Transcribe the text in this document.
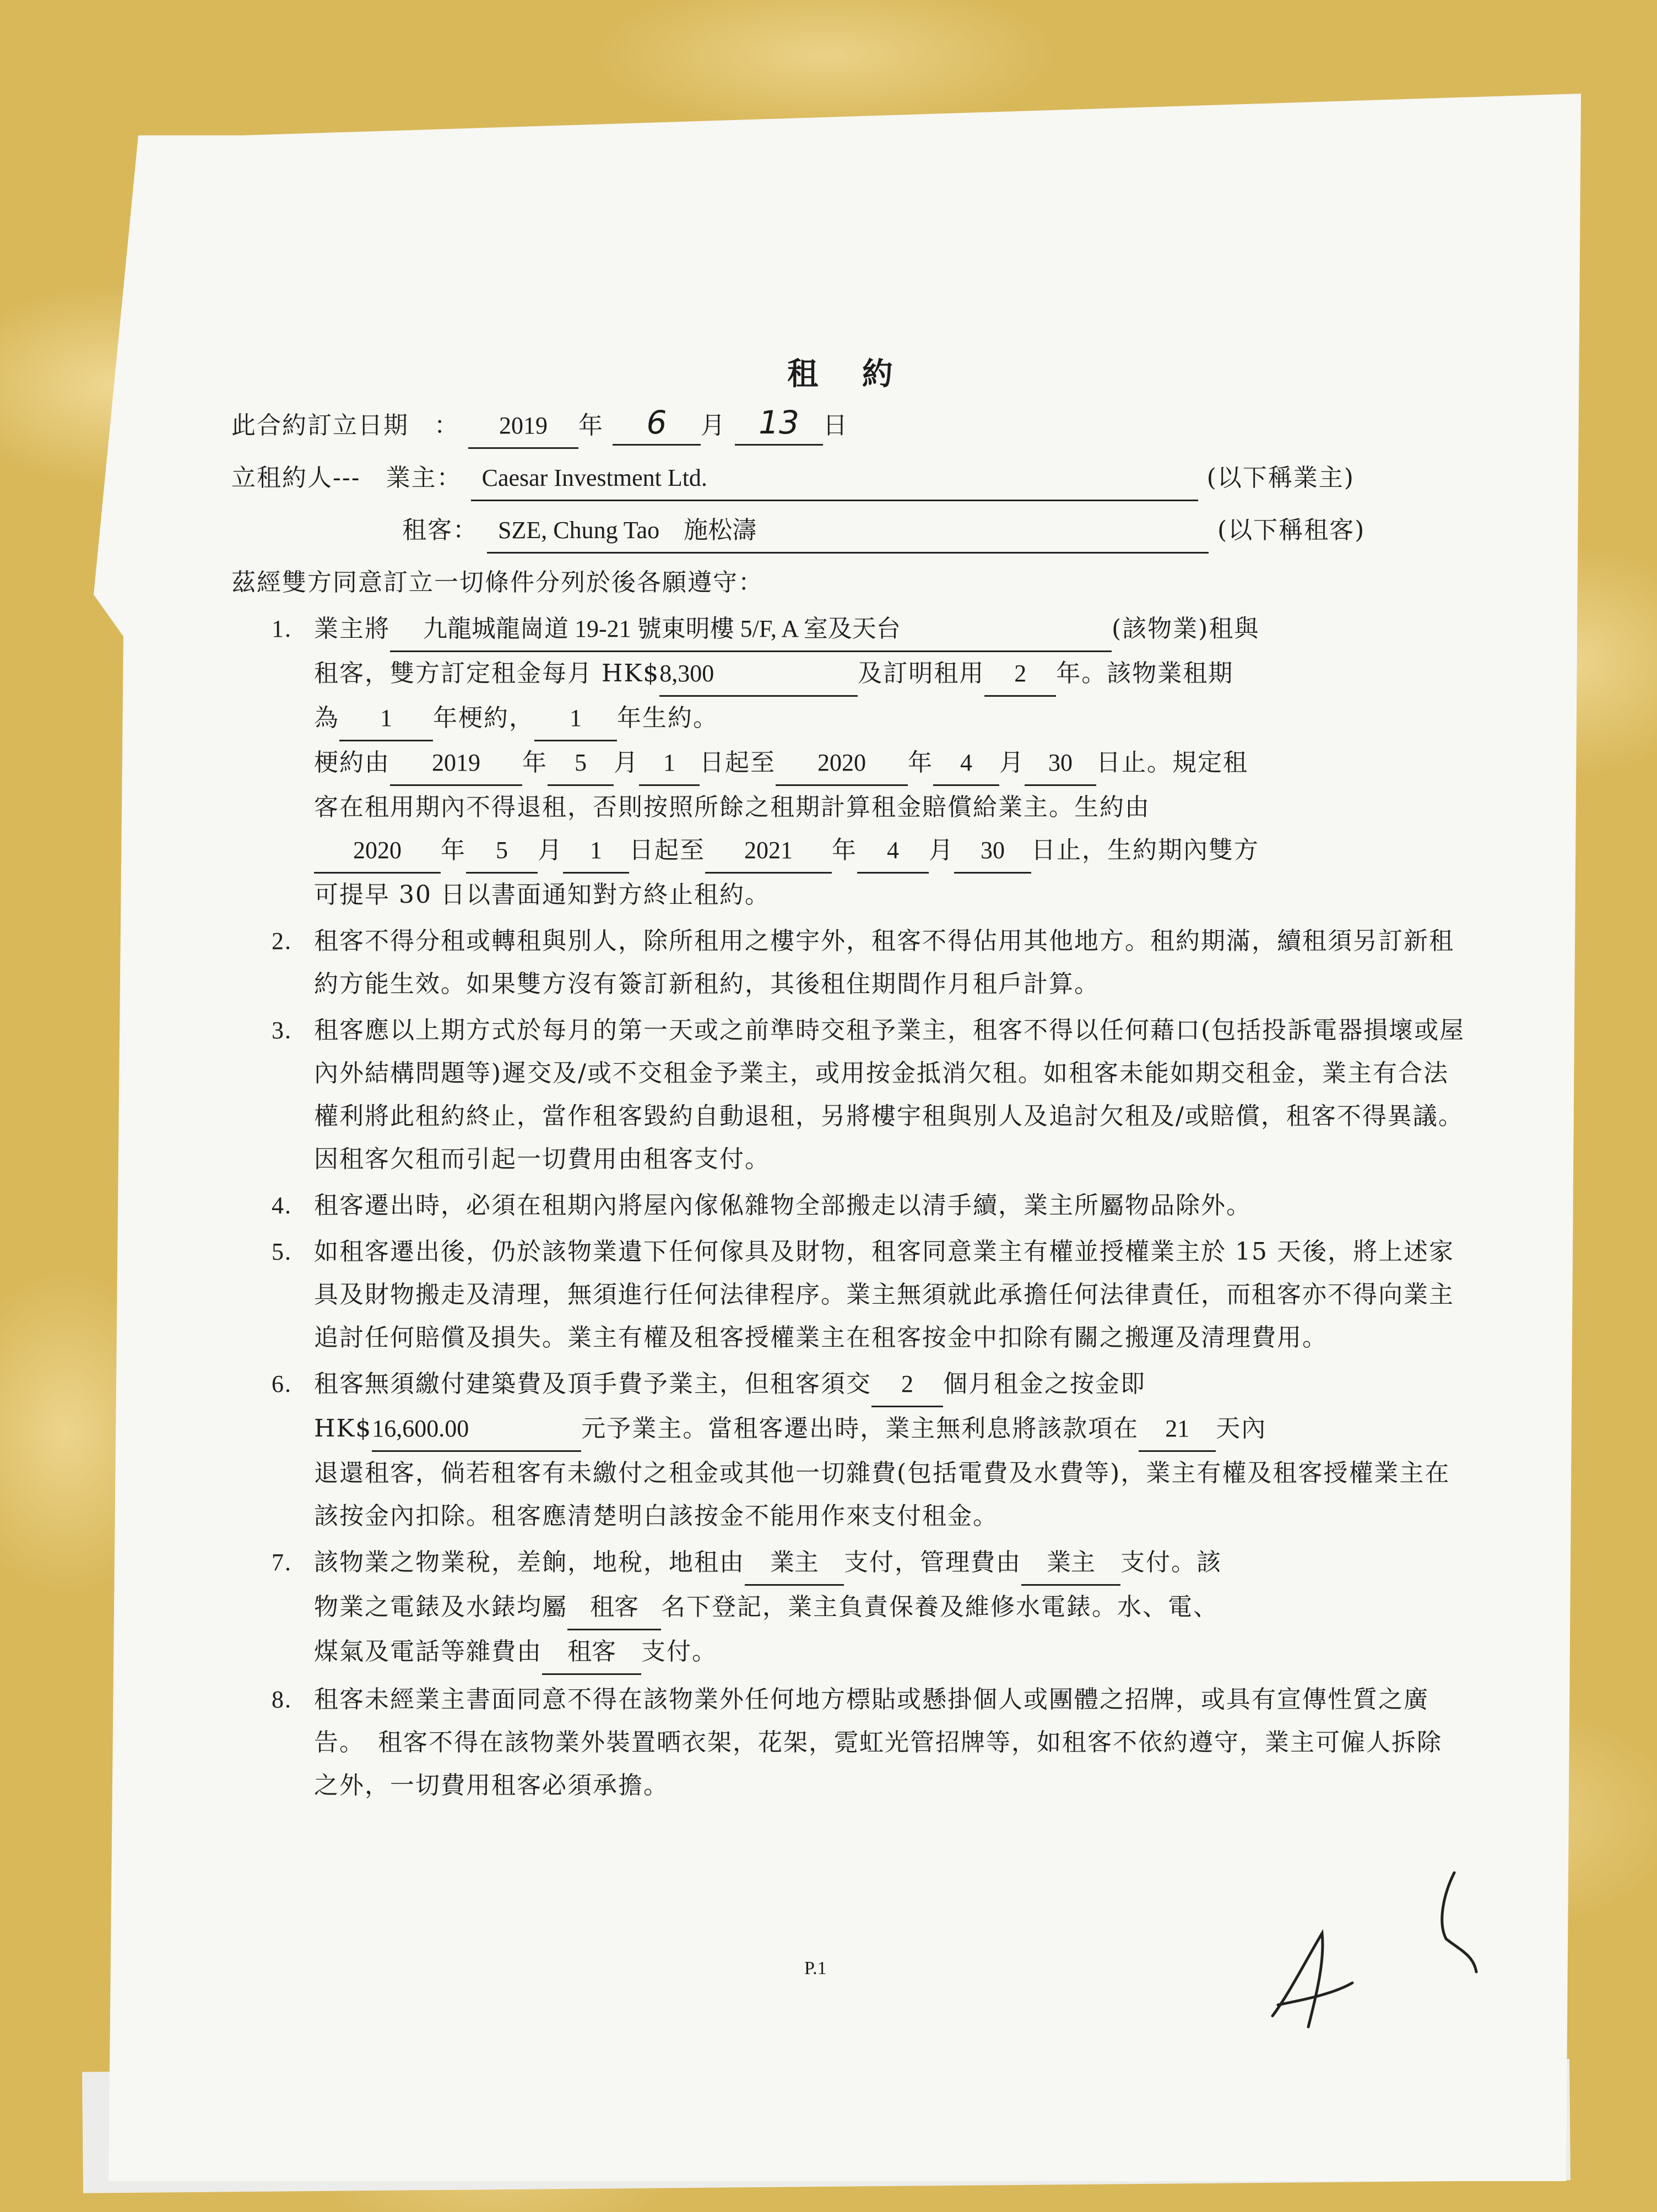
租 約
此合約訂立日期　： 2019 年 6 月 13 日
立租約人---　業主： Caesar Investment Ltd.	(以下稱業主)
租客： SZE, Chung Tao　施松濤	(以下稱租客)
茲經雙方同意訂立一切條件分列於後各願遵守：
1. 業主將 九龍城龍崗道 19-21 號東明樓 5/F, A 室及天台	(該物業)租與
租客，雙方訂定租金每月 HK$8,300	及訂明租用 2 年。該物業租期
為 1 年梗約， 1 年生約。
梗約由 2019 年 5 月 1 日起至 2020 年 4 月 30 日止。規定租
客在租用期內不得退租，否則按照所餘之租期計算租金賠償給業主。生約由
2020 年 5 月 1 日起至 2021 年 4 月 30 日止，生約期內雙方
可提早 30 日以書面通知對方終止租約。
2. 租客不得分租或轉租與別人，除所租用之樓宇外，租客不得佔用其他地方。租約期滿，續租須另訂新租約方能生效。如果雙方沒有簽訂新租約，其後租住期間作月租戶計算。
3. 租客應以上期方式於每月的第一天或之前準時交租予業主，租客不得以任何藉口(包括投訴電器損壞或屋內外結構問題等)遲交及/或不交租金予業主，或用按金抵消欠租。如租客未能如期交租金，業主有合法權利將此租約終止，當作租客毀約自動退租，另將樓宇租與別人及追討欠租及/或賠償，租客不得異議。因租客欠租而引起一切費用由租客支付。
4. 租客遷出時，必須在租期內將屋內傢俬雜物全部搬走以清手續，業主所屬物品除外。
5. 如租客遷出後，仍於該物業遺下任何傢具及財物，租客同意業主有權並授權業主於 15 天後，將上述家具及財物搬走及清理，無須進行任何法律程序。業主無須就此承擔任何法律責任，而租客亦不得向業主追討任何賠償及損失。業主有權及租客授權業主在租客按金中扣除有關之搬運及清理費用。
6. 租客無須繳付建築費及頂手費予業主，但租客須交 2 個月租金之按金即
HK$16,600.00	元予業主。當租客遷出時，業主無利息將該款項在 21 天內
退還租客，倘若租客有未繳付之租金或其他一切雜費(包括電費及水費等)，業主有權及租客授權業主在該按金內扣除。租客應清楚明白該按金不能用作來支付租金。
7. 該物業之物業稅，差餉，地稅，地租由 業主 支付，管理費由 業主 支付。該
物業之電錶及水錶均屬 租客 名下登記，業主負責保養及維修水電錶。水、電、
煤氣及電話等雜費由 租客 支付。
8. 租客未經業主書面同意不得在該物業外任何地方標貼或懸掛個人或團體之招牌，或具有宣傳性質之廣告。　租客不得在該物業外裝置晒衣架，花架，霓虹光管招牌等，如租客不依約遵守，業主可僱人拆除之外，一切費用租客必須承擔。
P.1
